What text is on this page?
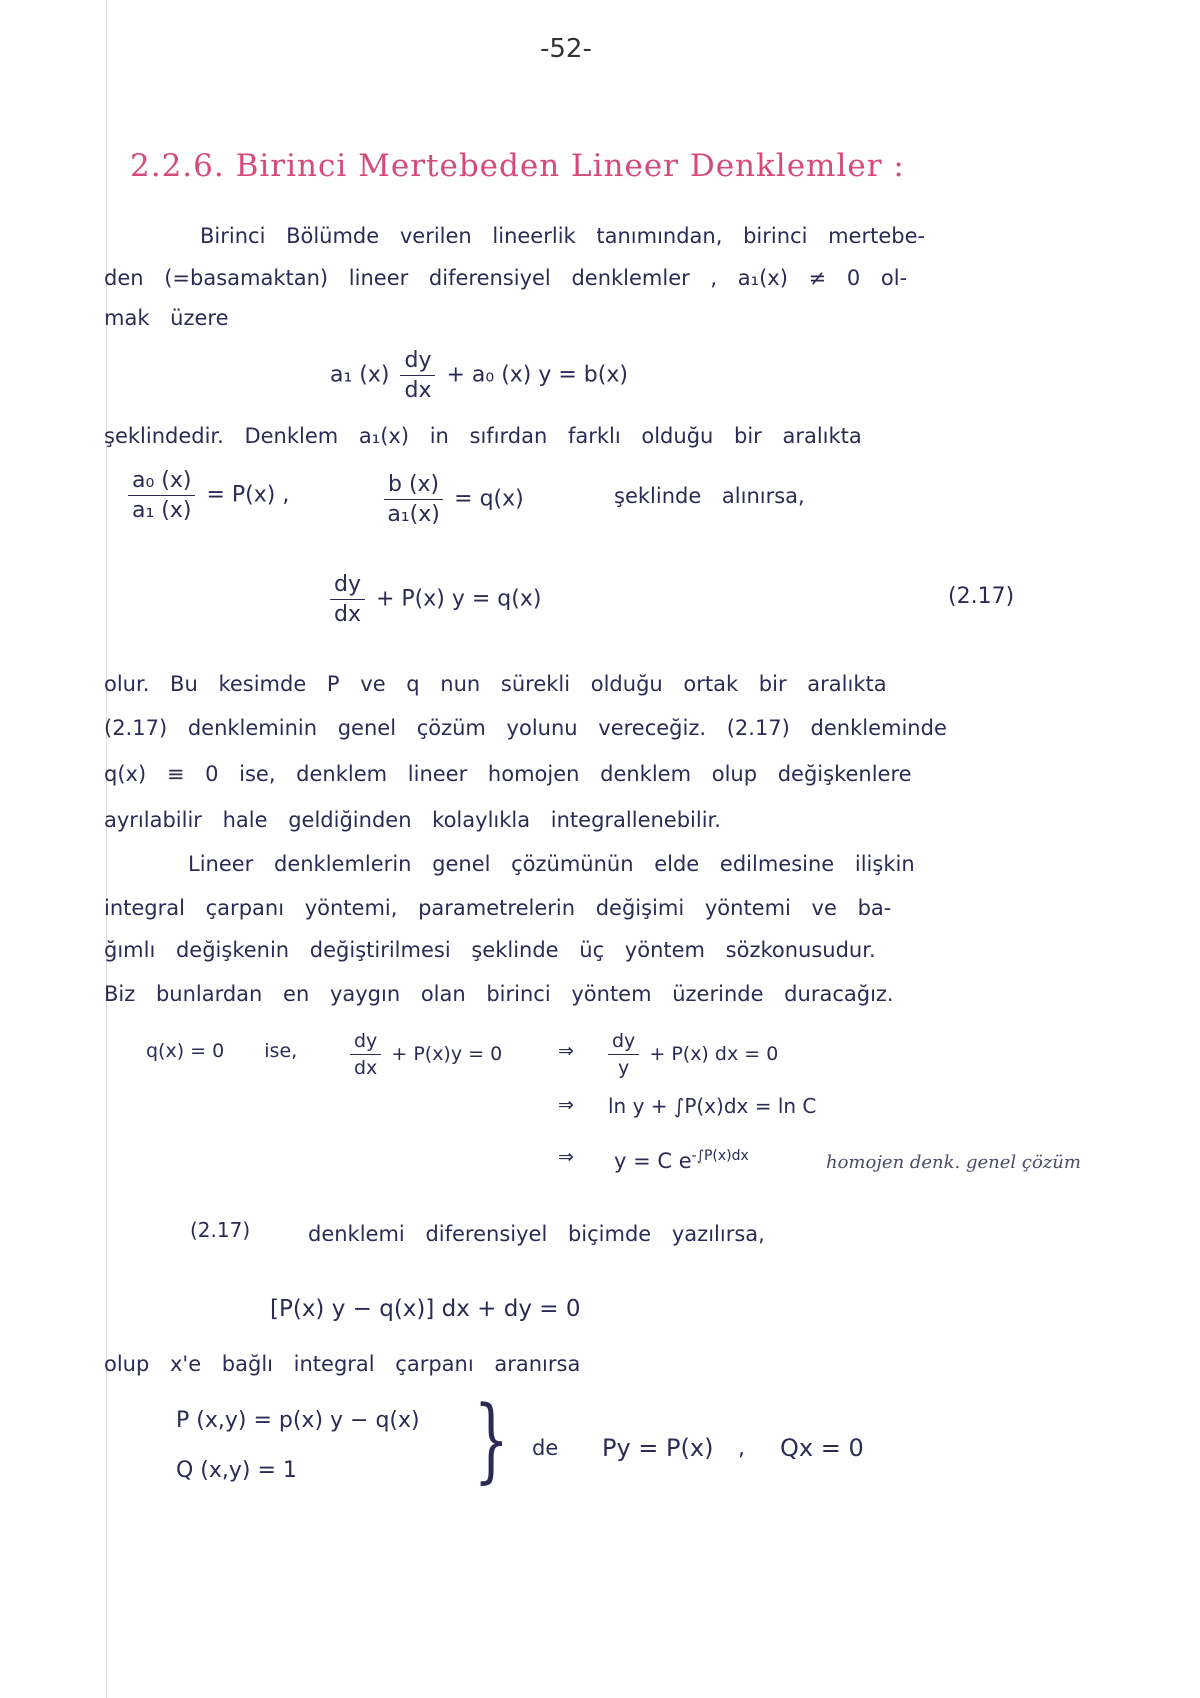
-52-
2.2.6. Birinci Mertebeden Lineer Denklemler :
Birinci Bölümde verilen lineerlik tanımından, birinci mertebe-
den (=basamaktan) lineer diferensiyel denklemler , a₁(x) ≠ 0 ol-
mak üzere
a₁ $(x) \frac{dy}{dx} + a_0$ (x) y = b(x)
şeklindedir. Denklem a₁(x) in sıfırdan farklı olduğu bir aralıkta
$\frac{\text{a₀ (x)}}{\text{a₁ (x)}} = P(x)$ ,	$\frac{b (x)}{\text{a₁(x)}} = q(x)$	şeklinde alınırsa,
$\frac{dy}{dx} + P(x) y = q(x)$	(2.17)
olur. Bu kesimde P ve q nun sürekli olduğu ortak bir aralıkta
(2.17) denkleminin genel çözüm yolunu vereceğiz. (2.17) denkleminde
q(x) ≡ 0 ise, denklem lineer homojen denklem olup değişkenlere
ayrılabilir hale geldiğinden kolaylıkla integrallenebilir.
Lineer denklemlerin genel çözümünün elde edilmesine ilişkin
integral çarpanı yöntemi, parametrelerin değişimi yöntemi ve ba-
ğımlı değişkenin değiştirilmesi şeklinde üç yöntem sözkonusudur.
Biz bunlardan en yaygın olan birinci yöntem üzerinde duracağız.
q(x) = 0 ise,	$\frac{dy}{dx} + P(x)y = 0$	⇒ $\frac{dy}{y} + P(x)$ dx = 0
⇒ ln y + ∫P(x)dx = ln C
⇒ y = C $e^{-\int P(x)dx}$	homojen denk. genel çözüm
(2.17)	denklemi diferensiyel biçimde yazılırsa,
[P(x) y − q(x)] dx + dy = 0
olup x'e bağlı integral çarpanı aranırsa
P (x,y) = p(x) y − q(x)
Q (x,y) = 1 } de Py = P(x) , Qx = 0
